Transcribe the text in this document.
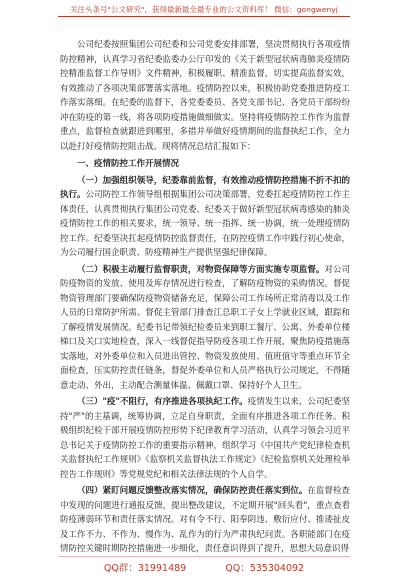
关注头条号"公文研究"，获得最新最全最专业的公文资料库！ 微信：gongwenyj

公司纪委按照集团公司纪委和公司党委安排部署，坚决贯彻执行各项疫情防控精神，认真学习省纪委监委办公厅印发的《关于新型冠状病毒肺炎疫情防控精准监督工作导则》文件精神，积极履职、精准监督，切实提高监督实效，有效推动了各项决策部署落实落地。疫情防控以来，积极协助党委推进防疫工作落实落细。在纪委的监督下，各党委委员、各党支部书记、各党员干部纷纷冲在防疫的第一线，将各项防疫措施做细做实。坚持将疫情防控工作作为监督重点，监督检查就跟进到哪里，多措并举做好疫情期间的监督执纪工作，全力以赴打好疫情防控阻击战。现将情况总结汇报如下：

一、疫情防控工作开展情况

（一）加强组织领导，纪委靠前监督，有效推动疫情防控措施不折不扣的执行。公司防控工作领导组根据集团公司决策部署，党委扛起疫情防控工作主体责任，认真贯彻执行集团公司党委、纪委关于做好新型冠状病毒感染的肺炎疫情防控工作的相关要求，统一领导、统一指挥、统一协调，统一处理疫情防控工作。纪委坚决扛起疫情防控监督责任，在防控疫情工作中践行初心使命，为公司履行国企职责、防疫精神生产提供坚强纪律保障。

（二）积极主动履行监督职责，对物资保障等方面实施专项监督。对公司防疫物资的发放、使用及库存情况进行检查，了解防疫物资的采购情况。督促物资管理部门要确保防疫物资储备充足，保障公司工作场所正常消毒以及工作人员的日常防护所需。督促主管部门排查江总职工子女上学就业区域，跟踪和了解疫情发展情况。纪委书记带领纪检委员来到职工餐厅、公寓、外委单位楼梯口及关口实地检查，深入一线督促指导防疫各项工作开展，聚焦防疫措施落实落地，对外委单位和入员进出管控、物资发放使用、值班值守等重点环节全面检查，压实防控责任链条，督促外委单位和人员严格执行公司规定，不得随意走动、外出，主动配合测量体温、佩戴口罩、保持好个人卫生。

（三）"疫"不阻行，有序推进各项执纪工作。疫情发生以来，公司纪委坚持"严"的主基调，统筹协调，立足自身职责，全面有序推进各项工作任务。积极组织纪检干部开展疫情防控形势下纪律教育学习活动，认真学习领会习近平总书记关于疫情防控工作的重要指示精神，组织学习《中国共产党纪律检查机关监督执纪工作规则》《监察机关监督执法工作规定》《纪检监察机关处理检举控告工作规则》等党规党纪和相关法律法规的个人自学。

（四）紧盯问题反馈整改落实情况，确保防控责任落实到位。在监督检查中发现的问题进行通报反馈，提出整改建议，不定期开展"回头看"，重点查看防疫薄弱环节和责任落实情况。对有令不行、阳奉阴违、敷衍应付、推诿扯皮及工作不力、不作为、慢作为、乱作为的行为严肃执纪问责。各职能部门在疫情防控关键时期防控措施进一步细化，责任意识得到了提升，思想大局意识得

QQ群：31991489	QQ：535304092
